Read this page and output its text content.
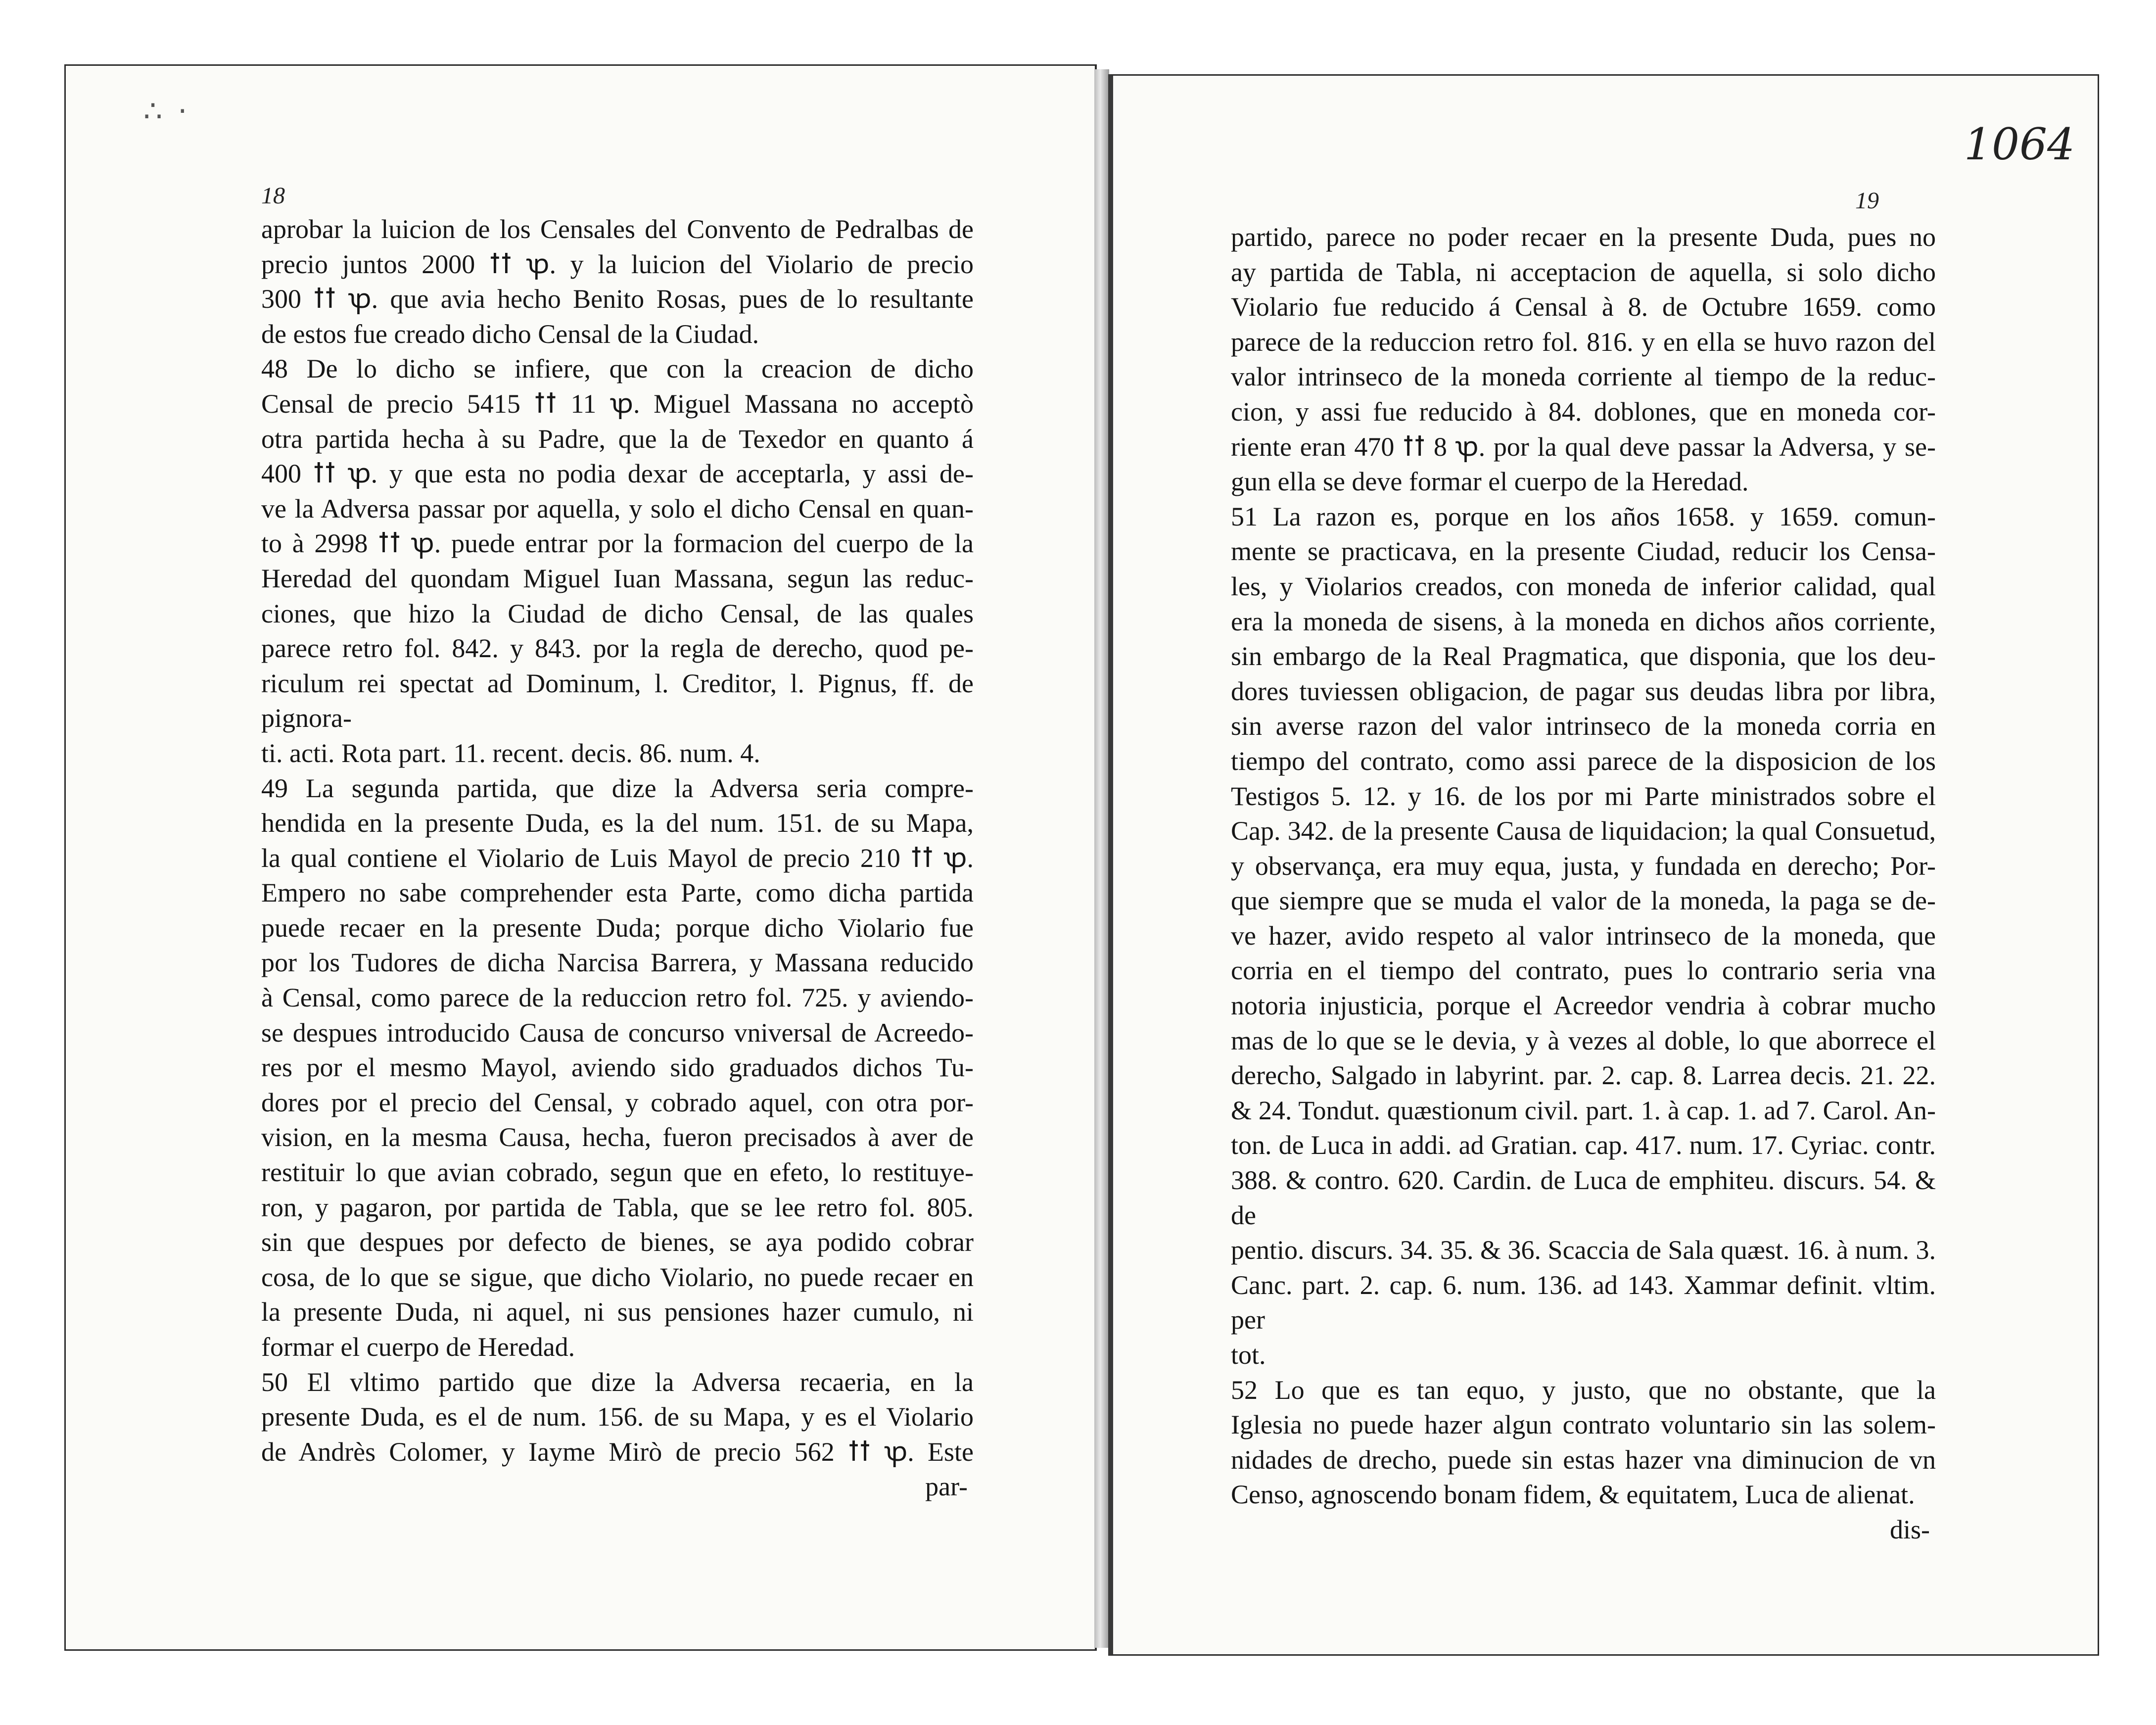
∴ ·
1064
18	19

aprobar la luicion de los Censales del Convento de Pedralbas de

precio juntos 2000 ꝉꝉ ꝕ. y la luicion del Violario de precio

300 ꝉꝉ ꝕ. que avia hecho Benito Rosas, pues de lo resultante

de estos fue creado dicho Censal de la Ciudad.

48 De lo dicho se infiere, que con la creacion de dicho

Censal de precio 5415 ꝉꝉ 11 ꝕ. Miguel Massana no acceptò

otra partida hecha à su Padre, que la de Texedor en quanto á

400 ꝉꝉ ꝕ. y que esta no podia dexar de acceptarla, y assi de-

ve la Adversa passar por aquella, y solo el dicho Censal en quan-

to à 2998 ꝉꝉ ꝕ. puede entrar por la formacion del cuerpo de la

Heredad del quondam Miguel Iuan Massana, segun las reduc-

ciones, que hizo la Ciudad de dicho Censal, de las quales

parece retro fol. 842. y 843. por la regla de derecho, quod pe-

riculum rei spectat ad Dominum, l. Creditor, l. Pignus, ff. de pignora-

ti. acti. Rota part. 11. recent. decis. 86. num. 4.

49 La segunda partida, que dize la Adversa seria compre-

hendida en la presente Duda, es la del num. 151. de su Mapa,

la qual contiene el Violario de Luis Mayol de precio 210 ꝉꝉ ꝕ.

Empero no sabe comprehender esta Parte, como dicha partida

puede recaer en la presente Duda; porque dicho Violario fue

por los Tudores de dicha Narcisa Barrera, y Massana reducido

à Censal, como parece de la reduccion retro fol. 725. y aviendo-

se despues introducido Causa de concurso vniversal de Acreedo-

res por el mesmo Mayol, aviendo sido graduados dichos Tu-

dores por el precio del Censal, y cobrado aquel, con otra por-

vision, en la mesma Causa, hecha, fueron precisados à aver de

restituir lo que avian cobrado, segun que en efeto, lo restituye-

ron, y pagaron, por partida de Tabla, que se lee retro fol. 805.

sin que despues por defecto de bienes, se aya podido cobrar

cosa, de lo que se sigue, que dicho Violario, no puede recaer en

la presente Duda, ni aquel, ni sus pensiones hazer cumulo, ni

formar el cuerpo de Heredad.

50 El vltimo partido que dize la Adversa recaeria, en la

presente Duda, es el de num. 156. de su Mapa, y es el Violario

de Andrès Colomer, y Iayme Mirò de precio 562 ꝉꝉ ꝕ. Este

par-

partido, parece no poder recaer en la presente Duda, pues no

ay partida de Tabla, ni acceptacion de aquella, si solo dicho

Violario fue reducido á Censal à 8. de Octubre 1659. como

parece de la reduccion retro fol. 816. y en ella se huvo razon del

valor intrinseco de la moneda corriente al tiempo de la reduc-

cion, y assi fue reducido à 84. doblones, que en moneda cor-

riente eran 470 ꝉꝉ 8 ꝕ. por la qual deve passar la Adversa, y se-

gun ella se deve formar el cuerpo de la Heredad.

51 La razon es, porque en los años 1658. y 1659. comun-

mente se practicava, en la presente Ciudad, reducir los Censa-

les, y Violarios creados, con moneda de inferior calidad, qual

era la moneda de sisens, à la moneda en dichos años corriente,

sin embargo de la Real Pragmatica, que disponia, que los deu-

dores tuviessen obligacion, de pagar sus deudas libra por libra,

sin averse razon del valor intrinseco de la moneda corria en

tiempo del contrato, como assi parece de la disposicion de los

Testigos 5. 12. y 16. de los por mi Parte ministrados sobre el

Cap. 342. de la presente Causa de liquidacion; la qual Consuetud,

y observança, era muy equa, justa, y fundada en derecho; Por-

que siempre que se muda el valor de la moneda, la paga se de-

ve hazer, avido respeto al valor intrinseco de la moneda, que

corria en el tiempo del contrato, pues lo contrario seria vna

notoria injusticia, porque el Acreedor vendria à cobrar mucho

mas de lo que se le devia, y à vezes al doble, lo que aborrece el

derecho, Salgado in labyrint. par. 2. cap. 8. Larrea decis. 21. 22.

& 24. Tondut. quæstionum civil. part. 1. à cap. 1. ad 7. Carol. An-

ton. de Luca in addi. ad Gratian. cap. 417. num. 17. Cyriac. contr.

388. & contro. 620. Cardin. de Luca de emphiteu. discurs. 54. & de

pentio. discurs. 34. 35. & 36. Scaccia de Sala quæst. 16. à num. 3.

Canc. part. 2. cap. 6. num. 136. ad 143. Xammar definit. vltim. per

tot.

52 Lo que es tan equo, y justo, que no obstante, que la

Iglesia no puede hazer algun contrato voluntario sin las solem-

nidades de drecho, puede sin estas hazer vna diminucion de vn

Censo, agnoscendo bonam fidem, & equitatem, Luca de alienat.

dis-
